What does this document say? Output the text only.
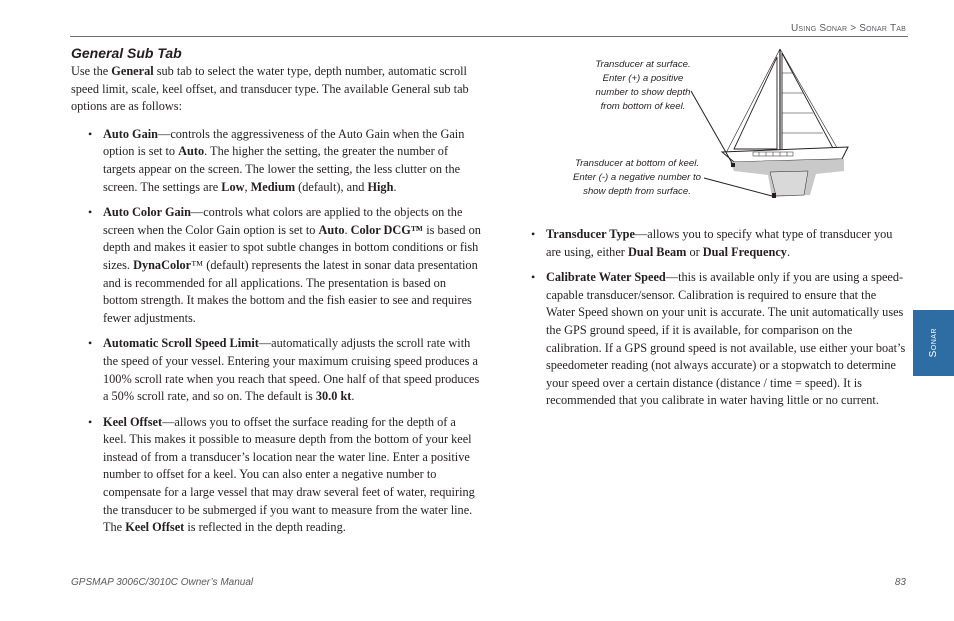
Using Sonar > Sonar Tab
General Sub Tab

Use the General sub tab to select the water type, depth number, automatic scroll speed limit, scale, keel offset, and transducer type. The available General sub tab options are as follows:

• Auto Gain—controls the aggressiveness of the Auto Gain when the Gain option is set to Auto. The higher the setting, the greater the number of targets appear on the screen. The lower the setting, the less clutter on the screen. The settings are Low, Medium (default), and High.
• Auto Color Gain—controls what colors are applied to the objects on the screen when the Color Gain option is set to Auto. Color DCG™ is based on depth and makes it easier to spot subtle changes in bottom conditions or fish sizes. DynaColor™ (default) represents the latest in sonar data presentation and is recommended for all applications. The presentation is based on bottom strength. It makes the bottom and the fish easier to see and requires fewer adjustments.
• Automatic Scroll Speed Limit—automatically adjusts the scroll rate with the speed of your vessel. Entering your maximum cruising speed produces a 100% scroll rate when you reach that speed. One half of that speed produces a 50% scroll rate, and so on. The default is 30.0 kt.
• Keel Offset—allows you to offset the surface reading for the depth of a keel. This makes it possible to measure depth from the bottom of your keel instead of from a transducer’s location near the water line. Enter a positive number to offset for a keel. You can also enter a negative number to compensate for a large vessel that may draw several feet of water, requiring the transducer to be submerged if you want to measure from the water line. The Keel Offset is reflected in the depth reading.
Transducer at surface.
Enter (+) a positive
number to show depth
from bottom of keel.
Transducer at bottom of keel.
Enter (-) a negative number to
show depth from surface.
• Transducer Type—allows you to specify what type of transducer you are using, either Dual Beam or Dual Frequency.
• Calibrate Water Speed—this is available only if you are using a speed-capable transducer/sensor. Calibration is required to ensure that the Water Speed shown on your unit is accurate. The unit automatically uses the GPS ground speed, if it is available, for comparison on the calibration. If a GPS ground speed is not available, use either your boat’s speedometer reading (not always accurate) or a stopwatch to determine your speed over a certain distance (distance / time = speed). It is recommended that you calibrate in water having little or no current.
Sonar
GPSMAP 3006C/3010C Owner’s Manual	83
